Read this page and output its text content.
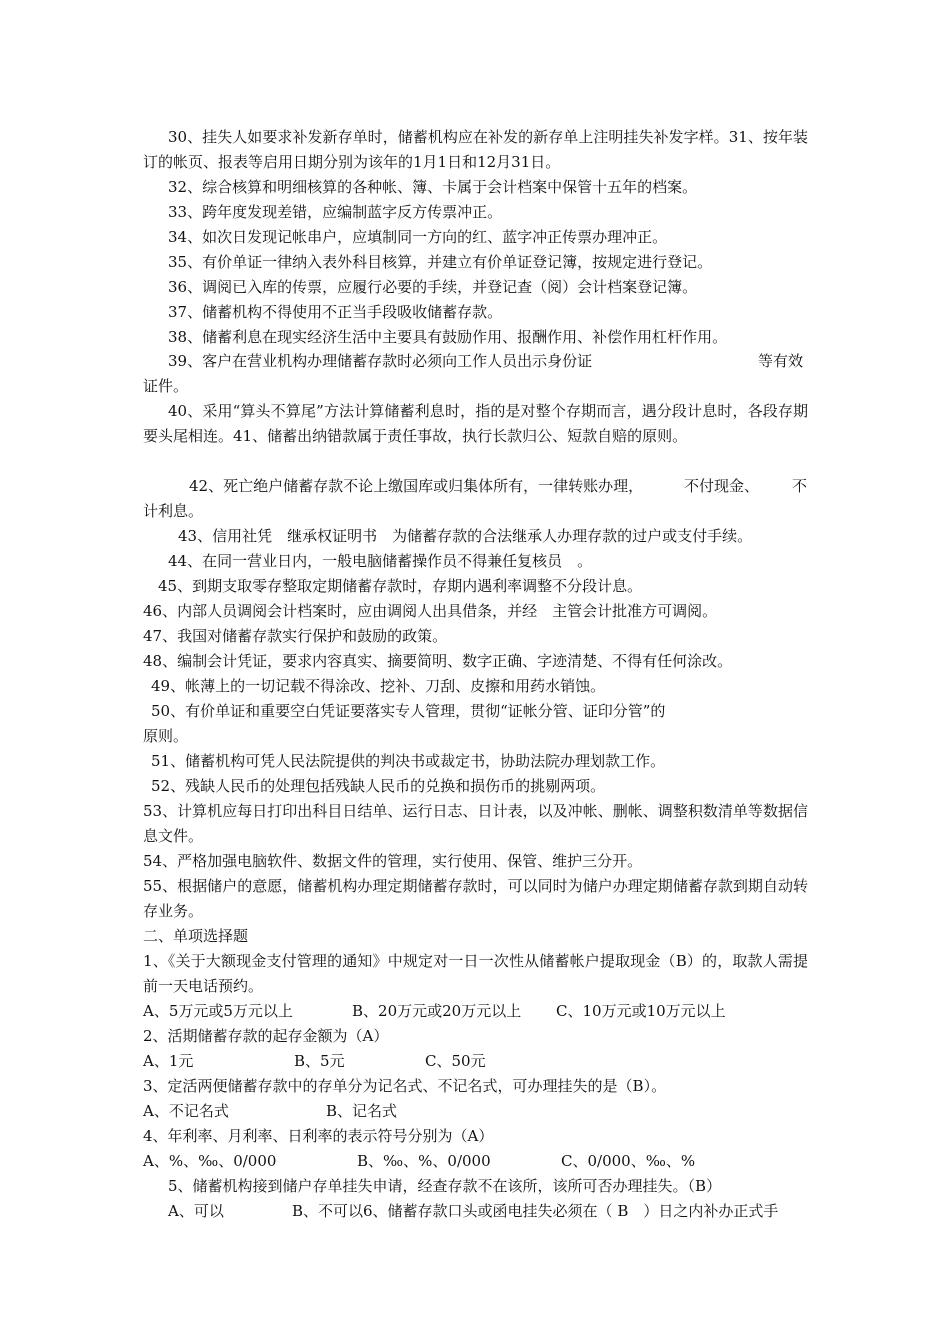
30、挂失人如要求补发新存单时，储蓄机构应在补发的新存单上注明挂失补发字样。31、按年装订的帐页、报表等启用日期分别为该年的1月1日和12月31日。

32、综合核算和明细核算的各种帐、簿、卡属于会计档案中保管十五年的档案。

33、跨年度发现差错，应编制蓝字反方传票冲正。

34、如次日发现记帐串户，应填制同一方向的红、蓝字冲正传票办理冲正。

35、有价单证一律纳入表外科目核算，并建立有价单证登记簿，按规定进行登记。

36、调阅已入库的传票，应履行必要的手续，并登记查（阅）会计档案登记簿。

37、储蓄机构不得使用不正当手段吸收储蓄存款。

38、储蓄利息在现实经济生活中主要具有鼓励作用、报酬作用、补偿作用杠杆作用。

39、客户在营业机构办理储蓄存款时必须向工作人员出示身份证	等有效
证件。

40、采用“算头不算尾”方法计算储蓄利息时，指的是对整个存期而言，遇分段计息时，各段存期要头尾相连。41、储蓄出纳错款属于责任事故，执行长款归公、短款自赔的原则。

42、死亡绝户储蓄存款不论上缴国库或归集体所有，一律转账办理，	不付现金、 不
计利息。
43、信用社凭　继承权证明书　为储蓄存款的合法继承人办理存款的过户或支付手续。
44、在同一营业日内，一般电脑储蓄操作员不得兼任复核员　。
45、到期支取零存整取定期储蓄存款时，存期内遇利率调整不分段计息。
46、内部人员调阅会计档案时，应由调阅人出具借条，并经　主管会计批准方可调阅。
47、我国对储蓄存款实行保护和鼓励的政策。
48、编制会计凭证，要求内容真实、摘要简明、数字正确、字迹清楚、不得有任何涂改。
49、帐薄上的一切记载不得涂改、挖补、刀刮、皮擦和用药水销蚀。
50、有价单证和重要空白凭证要落实专人管理，贯彻“证帐分管、证印分管”的
原则。
51、储蓄机构可凭人民法院提供的判决书或裁定书，协助法院办理划款工作。
52、残缺人民币的处理包括残缺人民币的兑换和损伤币的挑剔两项。

53、计算机应每日打印出科目日结单、运行日志、日计表，以及冲帐、删帐、调整积数清单等数据信息文件。

54、严格加强电脑软件、数据文件的管理，实行使用、保管、维护三分开。

55、根据储户的意愿，储蓄机构办理定期储蓄存款时，可以同时为储户办理定期储蓄存款到期自动转存业务。

二、单项选择题

1、《关于大额现金支付管理的通知》中规定对一日一次性从储蓄帐户提取现金（B）的，取款人需提前一天电话预约。

A、5万元或5万元以上	B、20万元或20万元以上 C、10万元或10万元以上
2、活期储蓄存款的起存金额为（A）
A、1元	B、5元	C、50元
3、定活两便储蓄存款中的存单分为记名式、不记名式，可办理挂失的是（B）。
A、不记名式	B、记名式
4、年利率、月利率、日利率的表示符号分别为（A）
A、%、‰、0/000	B、‰、%、0/000	C、0/000、‰、%
5、储蓄机构接到储户存单挂失申请，经查存款不在该所，该所可否办理挂失。（B）
A、可以	B、不可以 6、储蓄存款口头或函电挂失必须在（ B　）日之内补办正式手
